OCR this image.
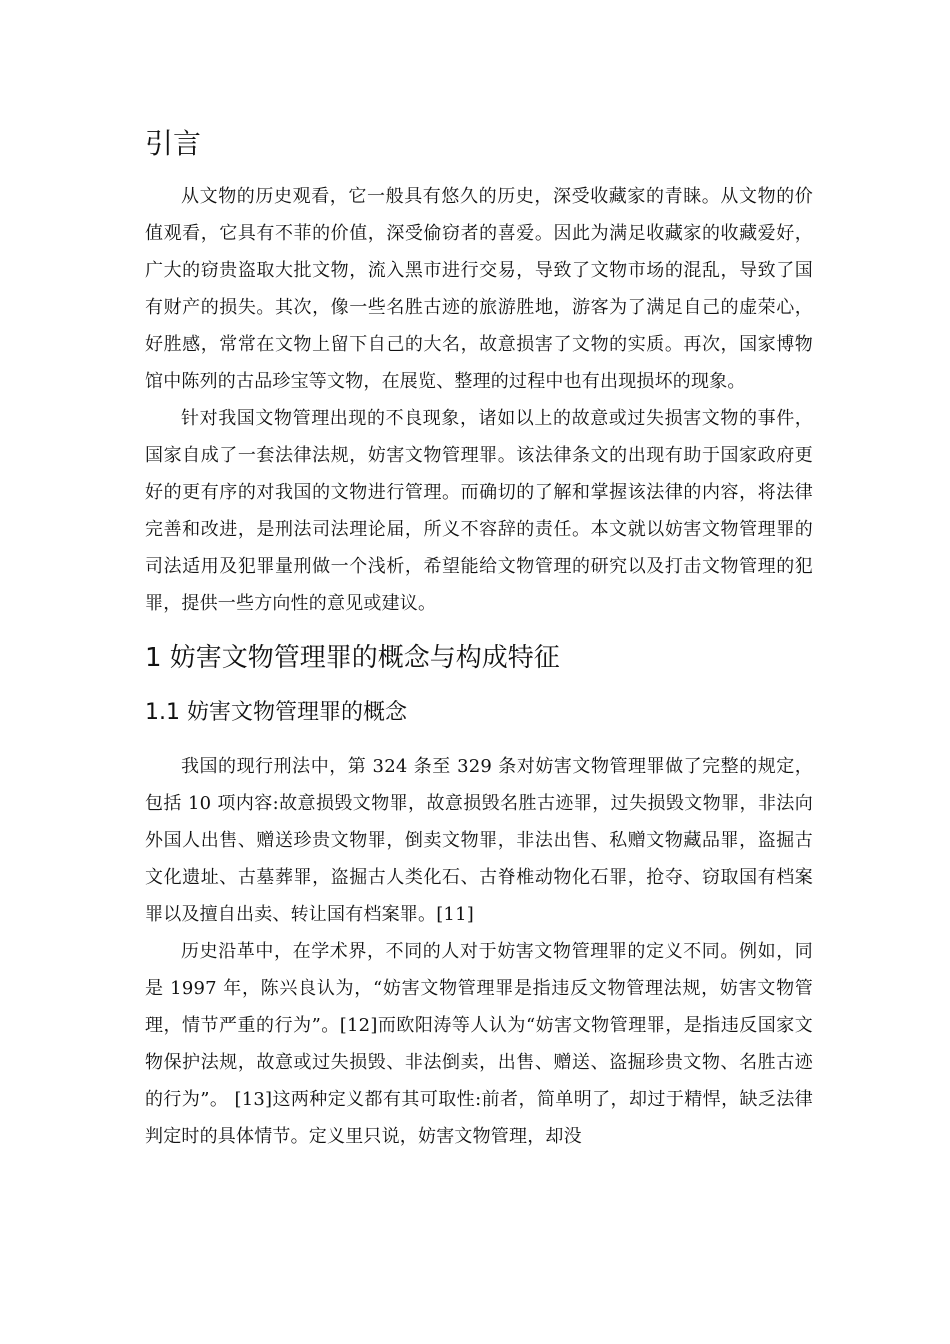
引言

从文物的历史观看，它一般具有悠久的历史，深受收藏家的青睐。从文物的价值观看，它具有不菲的价值，深受偷窃者的喜爱。因此为满足收藏家的收藏爱好，广大的窃贵盗取大批文物，流入黑市进行交易，导致了文物市场的混乱，导致了国有财产的损失。其次，像一些名胜古迹的旅游胜地，游客为了满足自己的虚荣心，好胜感，常常在文物上留下自己的大名，故意损害了文物的实质。再次，国家博物馆中陈列的古品珍宝等文物，在展览、整理的过程中也有出现损坏的现象。

针对我国文物管理出现的不良现象，诸如以上的故意或过失损害文物的事件，国家自成了一套法律法规，妨害文物管理罪。该法律条文的出现有助于国家政府更好的更有序的对我国的文物进行管理。而确切的了解和掌握该法律的内容，将法律完善和改进，是刑法司法理论届，所义不容辞的责任。本文就以妨害文物管理罪的司法适用及犯罪量刑做一个浅析，希望能给文物管理的研究以及打击文物管理的犯罪，提供一些方向性的意见或建议。

1 妨害文物管理罪的概念与构成特征
1.1 妨害文物管理罪的概念

我国的现行刑法中，第 324 条至 329 条对妨害文物管理罪做了完整的规定，包括 10 项内容:故意损毁文物罪，故意损毁名胜古迹罪，过失损毁文物罪，非法向外国人出售、赠送珍贵文物罪，倒卖文物罪，非法出售、私赠文物藏品罪，盗掘古文化遗址、古墓葬罪，盗掘古人类化石、古脊椎动物化石罪，抢夺、窃取国有档案罪以及擅自出卖、转让国有档案罪。[11]

历史沿革中，在学术界，不同的人对于妨害文物管理罪的定义不同。例如，同是 1997 年，陈兴良认为，“妨害文物管理罪是指违反文物管理法规，妨害文物管理，情节严重的行为”。[12]而欧阳涛等人认为“妨害文物管理罪，是指违反国家文物保护法规，故意或过失损毁、非法倒卖，出售、赠送、盗掘珍贵文物、名胜古迹的行为”。 [13]这两种定义都有其可取性:前者，简单明了，却过于精悍，缺乏法律判定时的具体情节。定义里只说，妨害文物管理，却没
